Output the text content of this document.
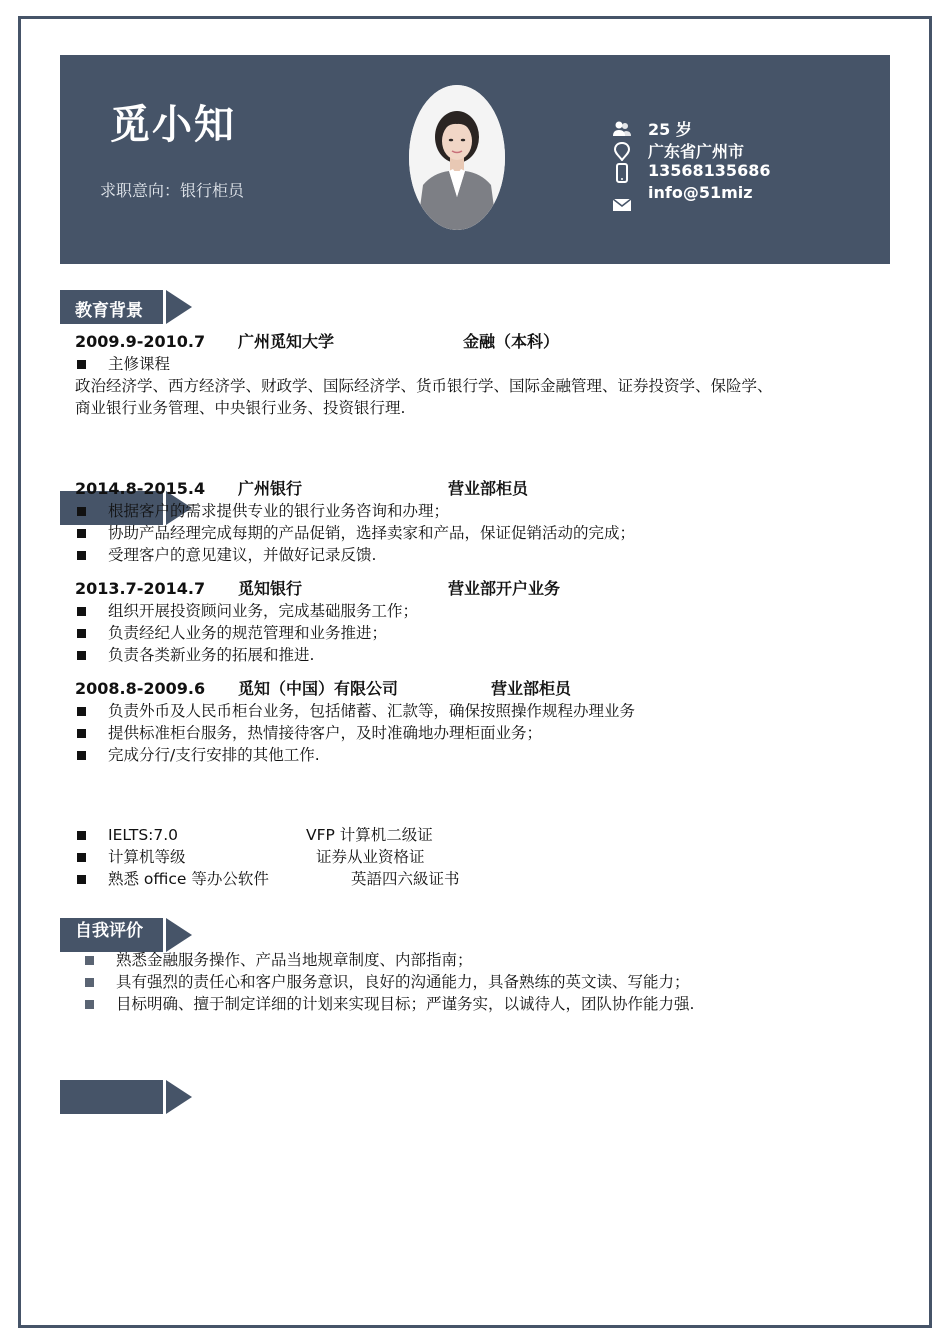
觅小知
求职意向：银行柜员
25 岁
广东省广州市
13568135686
info@51miz
教育背景
2009.9-2010.7 广州觅知大学	金融（本科）
主修课程
政治经济学、西方经济学、财政学、国际经济学、货币银行学、国际金融管理、证券投资学、保险学、
商业银行业务管理、中央银行业务、投资银行理.
2014.8-2015.4 广州银行	营业部柜员
根据客户的需求提供专业的银行业务咨询和办理；
协助产品经理完成每期的产品促销，选择卖家和产品，保证促销活动的完成；
受理客户的意见建议，并做好记录反馈.
2013.7-2014.7 觅知银行	营业部开户业务
组织开展投资顾问业务，完成基础服务工作；
负责经纪人业务的规范管理和业务推进；
负责各类新业务的拓展和推进.
2008.8-2009.6 觅知（中国）有限公司	营业部柜员
负责外币及人民币柜台业务，包括储蓄、汇款等，确保按照操作规程办理业务
提供标准柜台服务，热情接待客户，及时准确地办理柜面业务；
完成分行/支行安排的其他工作.
IELTS:7.0	VFP 计算机二级证
计算机等级	证券从业资格证
熟悉 office 等办公软件	英語四六級证书
自我评价
熟悉金融服务操作、产品当地规章制度、内部指南；
具有强烈的责任心和客户服务意识，良好的沟通能力，具备熟练的英文读、写能力；
目标明确、擅于制定详细的计划来实现目标；严谨务实，以诚待人，团队协作能力强.
